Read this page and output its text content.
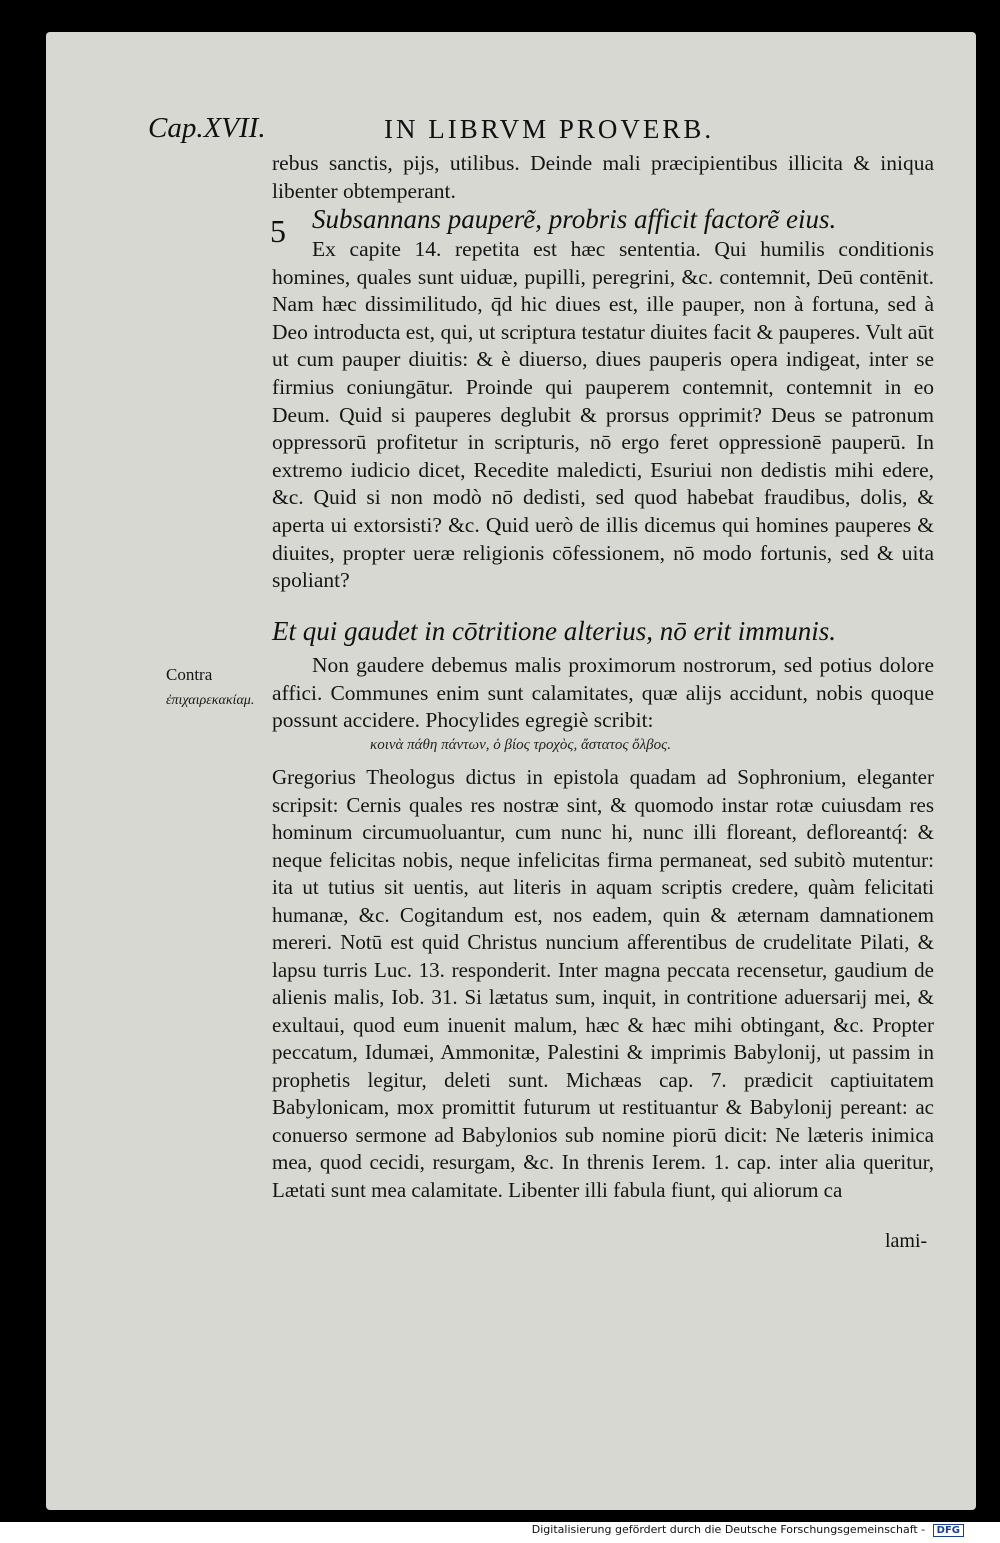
Cap.XVII.	IN LIBRVM PROVERB.

rebus sanctis, pijs, utilibus. Deinde mali præcipientibus illicita & iniqua libenter obtemperant.

5 Subsannans paupere͂, probris afficit factore͂ eius.

Ex capite 14. repetita est hæc sententia. Qui humilis conditionis homines, quales sunt uiduæ, pupilli, peregrini, &c. contemnit, Deū contēnit. Nam hæc dissimilitudo, q̄d hic diues est, ille pauper, non à fortuna, sed à Deo introducta est, qui, ut scriptura testatur diuites facit & pauperes. Vult aūt ut cum pauper diuitis: & è diuerso, diues pauperis opera indigeat, inter se firmius coniungātur. Proinde qui pauperem contemnit, contemnit in eo Deum. Quid si pauperes deglubit & prorsus opprimit? Deus se patronum oppressorū profitetur in scripturis, nō ergo feret oppressionē pauperū. In extremo iudicio dicet, Recedite maledicti, Esuriui non dedistis mihi edere, &c. Quid si non modò nō dedisti, sed quod habebat fraudibus, dolis, & aperta ui extorsisti? &c. Quid uerò de illis dicemus qui homines pauperes & diuites, propter ueræ religionis cōfessionem, nō modo fortunis, sed & uita spoliant?

Et qui gaudet in cōtritione alterius, nō erit immunis.
Contra
ἐπιχαιρεκακίαμ.

Non gaudere debemus malis proximorum nostrorum, sed potius dolore affici. Communes enim sunt calamitates, quæ alijs accidunt, nobis quoque possunt accidere. Phocylides egregiè scribit:

κοινὰ πάθη πάντων, ὁ βίος τροχὸς, ἄστατος ὄλβος.

Gregorius Theologus dictus in epistola quadam ad Sophronium, eleganter scripsit: Cernis quales res nostræ sint, & quomodo instar rotæ cuiusdam res hominum circumuoluantur, cum nunc hi, nunc illi floreant, defloreantq́: & neque felicitas nobis, neque infelicitas firma permaneat, sed subitò mutentur: ita ut tutius sit uentis, aut literis in aquam scriptis credere, quàm felicitati humanæ, &c. Cogitandum est, nos eadem, quin & æternam damnationem mereri. Notū est quid Christus nuncium afferentibus de crudelitate Pilati, & lapsu turris Luc. 13. responderit. Inter magna peccata recensetur, gaudium de alienis malis, Iob. 31. Si lætatus sum, inquit, in contritione aduersarij mei, & exultaui, quod eum inuenit malum, hæc & hæc mihi obtingant, &c. Propter peccatum, Idumæi, Ammonitæ, Palestini & imprimis Babylonij, ut passim in prophetis legitur, deleti sunt. Michæas cap. 7. prædicit captiuitatem Babylonicam, mox promittit futurum ut restituantur & Babylonij pereant: ac conuerso sermone ad Babylonios sub nomine piorū dicit: Ne læteris inimica mea, quod cecidi, resurgam, &c. In threnis Ierem. 1. cap. inter alia queritur, Lætati sunt mea calamitate. Libenter illi fabula fiunt, qui aliorum ca

lami-
Digitalisierung gefördert durch die Deutsche Forschungsgemeinschaft - DFG
